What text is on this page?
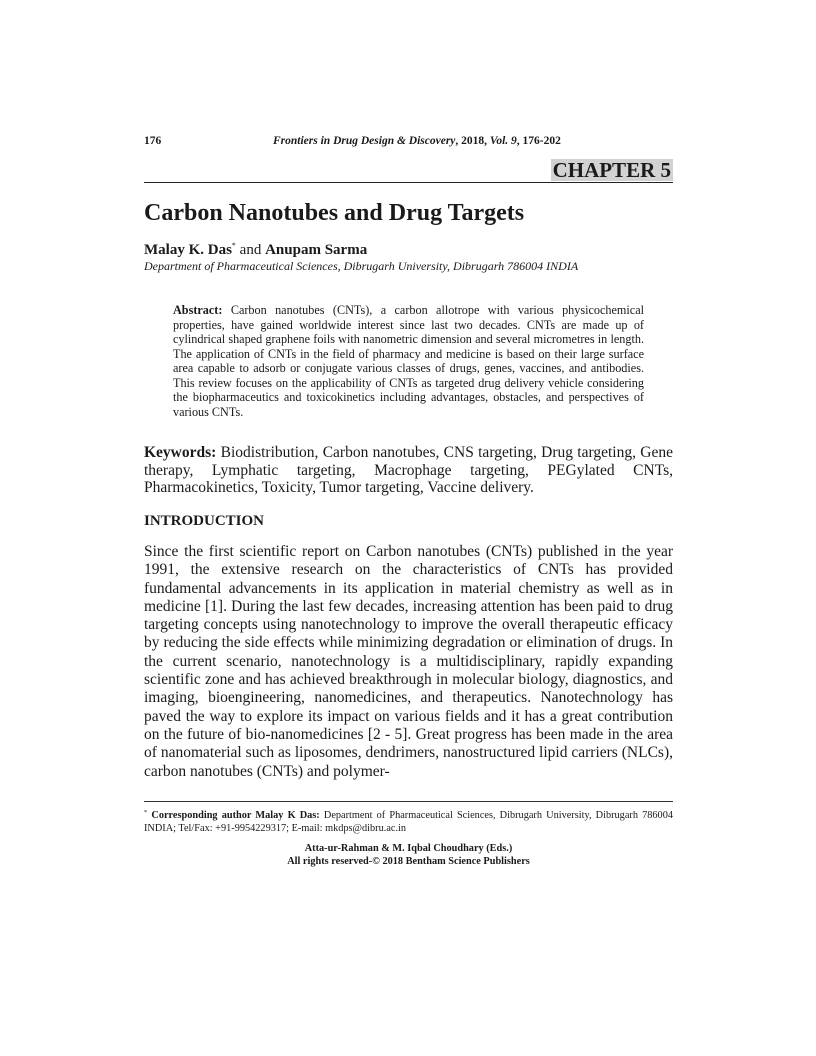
176	Frontiers in Drug Design & Discovery, 2018, Vol. 9, 176-202
CHAPTER 5
Carbon Nanotubes and Drug Targets
Malay K. Das* and Anupam Sarma
Department of Pharmaceutical Sciences, Dibrugarh University, Dibrugarh 786004 INDIA

Abstract: Carbon nanotubes (CNTs), a carbon allotrope with various physicochemical properties, have gained worldwide interest since last two decades. CNTs are made up of cylindrical shaped graphene foils with nanometric dimension and several micrometres in length. The application of CNTs in the field of pharmacy and medicine is based on their large surface area capable to adsorb or conjugate various classes of drugs, genes, vaccines, and antibodies. This review focuses on the applicability of CNTs as targeted drug delivery vehicle considering the biopharmaceutics and toxicokinetics including advantages, obstacles, and perspectives of various CNTs.

Keywords: Biodistribution, Carbon nanotubes, CNS targeting, Drug targeting, Gene therapy, Lymphatic targeting, Macrophage targeting, PEGylated CNTs, Pharmacokinetics, Toxicity, Tumor targeting, Vaccine delivery.

INTRODUCTION

Since the first scientific report on Carbon nanotubes (CNTs) published in the year 1991, the extensive research on the characteristics of CNTs has provided fundamental advancements in its application in material chemistry as well as in medicine [1]. During the last few decades, increasing attention has been paid to drug targeting concepts using nanotechnology to improve the overall therapeutic efficacy by reducing the side effects while minimizing degradation or elimination of drugs. In the current scenario, nanotechnology is a multidisciplinary, rapidly expanding scientific zone and has achieved breakthrough in molecular biology, diagnostics, and imaging, bioengineering, nanomedicines, and therapeutics. Nanotechnology has paved the way to explore its impact on various fields and it has a great contribution on the future of bio-nanomedicines [2 - 5]. Great progress has been made in the area of nanomaterial such as liposomes, dendrimers, nanostructured lipid carriers (NLCs), carbon nanotubes (CNTs) and polymer-

* Corresponding author Malay K Das: Department of Pharmaceutical Sciences, Dibrugarh University, Dibrugarh 786004 INDIA; Tel/Fax: +91-9954229317; E-mail: mkdps@dibru.ac.in

Atta-ur-Rahman & M. Iqbal Choudhary (Eds.)
All rights reserved-© 2018 Bentham Science Publishers
